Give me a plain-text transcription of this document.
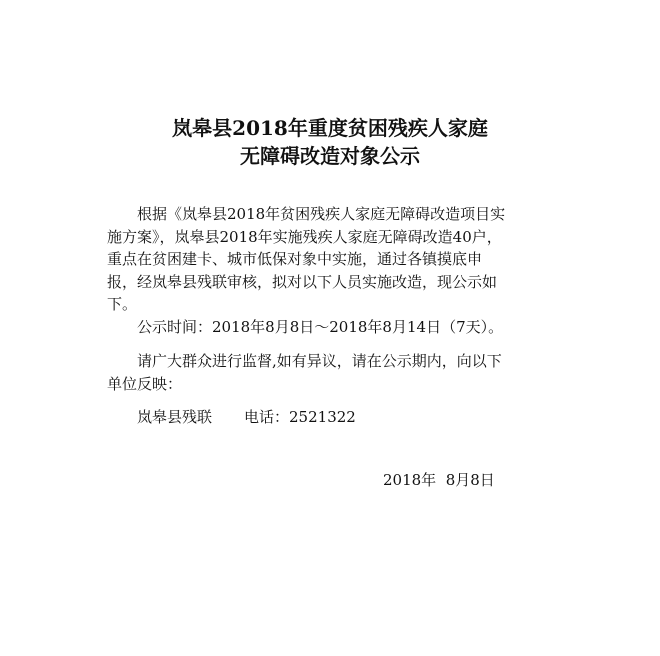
岚皋县2018年重度贫困残疾人家庭
无障碍改造对象公示
根据《岚皋县2018年贫困残疾人家庭无障碍改造项目实
施方案》，岚皋县2018年实施残疾人家庭无障碍改造40户，
重点在贫困建卡、城市低保对象中实施，通过各镇摸底申
报，经岚皋县残联审核，拟对以下人员实施改造，现公示如
下。
公示时间：2018年8月8日～2018年8月14日（7天）。
请广大群众进行监督,如有异议，请在公示期内，向以下
单位反映：
岚皋县残联 电话：2521322
2018年  8月8日
